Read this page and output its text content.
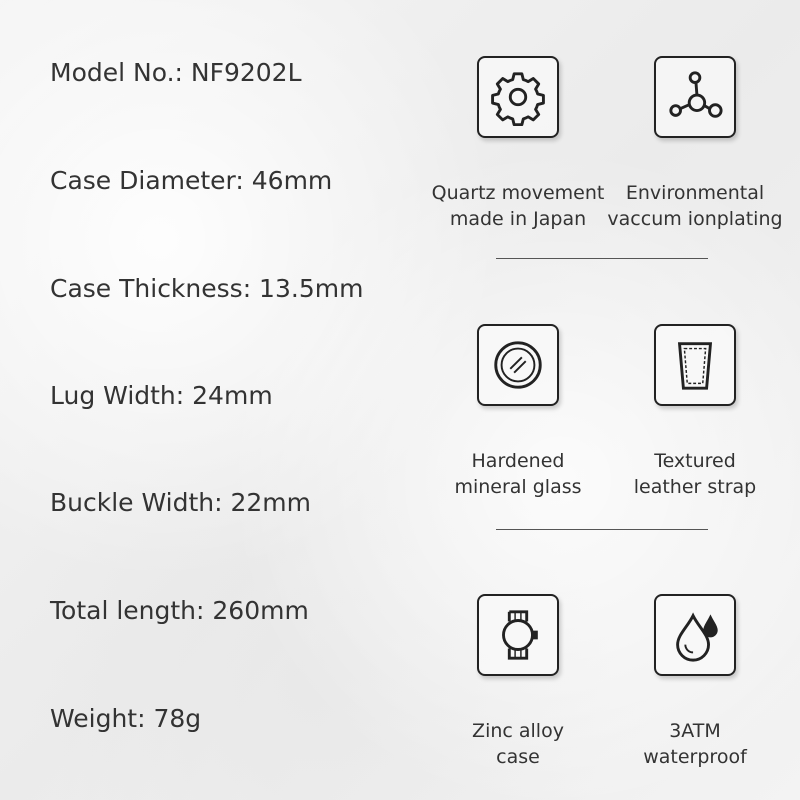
Model No.: NF9202L
Case Diameter: 46mm
Case Thickness: 13.5mm
Lug Width: 24mm
Buckle Width: 22mm
Total length: 260mm
Weight: 78g
Quartz movement
made in Japan
Environmental
vaccum ionplating
Hardened
mineral glass
Textured
leather strap
Zinc alloy
case
3ATM
waterproof
